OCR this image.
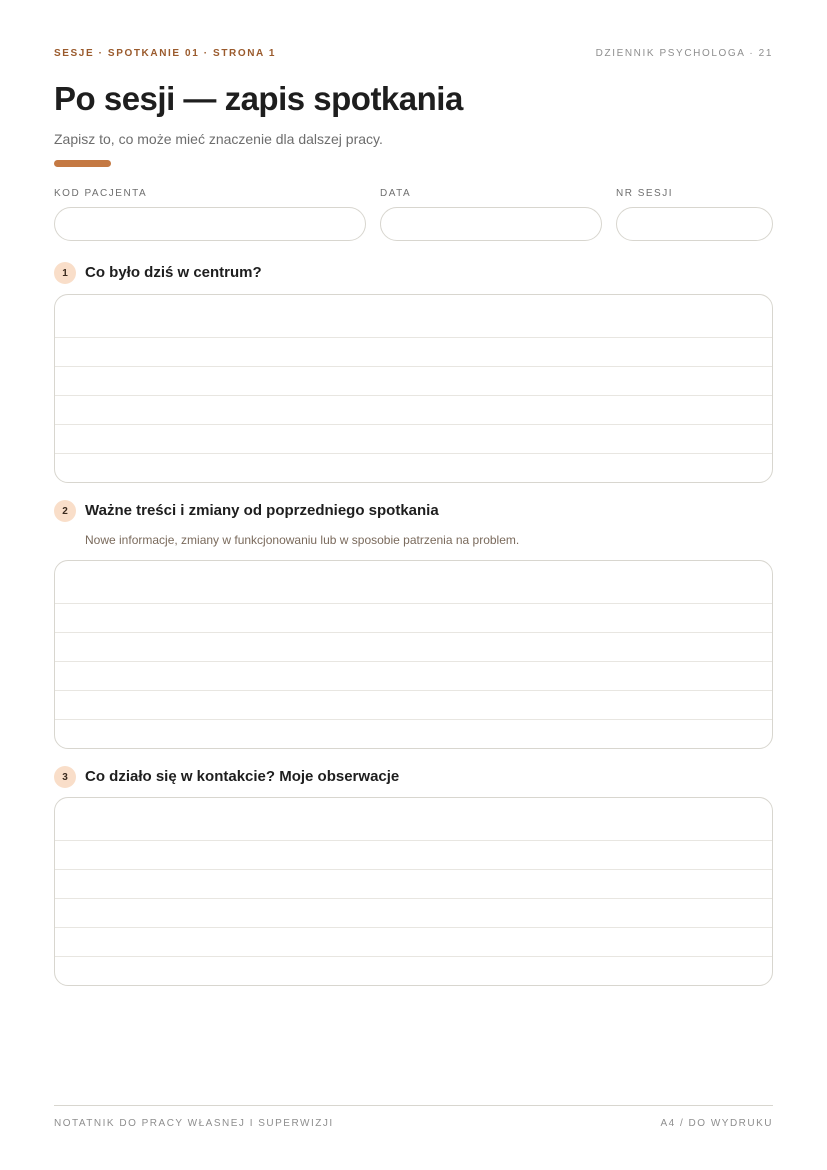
SESJE · SPOTKANIE 01 · STRONA 1	DZIENNIK PSYCHOLOGA · 21
Po sesji — zapis spotkania

Zapisz to, co może mieć znaczenie dla dalszej pracy.

KOD PACJENTA	DATA	NR SESJI
1	Co było dziś w centrum?
2	Ważne treści i zmiany od poprzedniego spotkania
Nowe informacje, zmiany w funkcjonowaniu lub w sposobie patrzenia na problem.
3	Co działo się w kontakcie? Moje obserwacje
NOTATNIK DO PRACY WŁASNEJ I SUPERWIZJI	A4 / DO WYDRUKU
